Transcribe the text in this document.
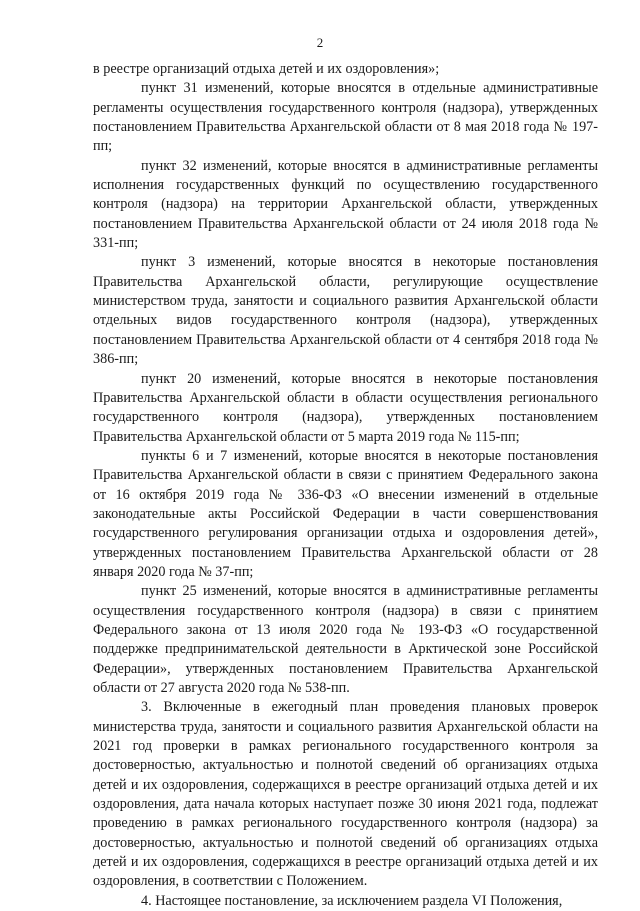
2

в реестре организаций отдыха детей и их оздоровления»;

пункт 31 изменений, которые вносятся в отдельные административные регламенты осуществления государственного контроля (надзора), утвержденных постановлением Правительства Архангельской области от 8 мая 2018 года № 197-пп;

пункт 32 изменений, которые вносятся в административные регламенты исполнения государственных функций по осуществлению государственного контроля (надзора) на территории Архангельской области, утвержденных постановлением Правительства Архангельской области от 24 июля 2018 года № 331-пп;

пункт 3 изменений, которые вносятся в некоторые постановления Правительства Архангельской области, регулирующие осуществление министерством труда, занятости и социального развития Архангельской области отдельных видов государственного контроля (надзора), утвержденных постановлением Правительства Архангельской области от 4 сентября 2018 года № 386-пп;

пункт 20 изменений, которые вносятся в некоторые постановления Правительства Архангельской области в области осуществления регионального государственного контроля (надзора), утвержденных постановлением Правительства Архангельской области от 5 марта 2019 года № 115-пп;

пункты 6 и 7 изменений, которые вносятся в некоторые постановления Правительства Архангельской области в связи с принятием Федерального закона от 16 октября 2019 года № 336-ФЗ «О внесении изменений в отдельные законодательные акты Российской Федерации в части совершенствования государственного регулирования организации отдыха и оздоровления детей», утвержденных постановлением Правительства Архангельской области от 28 января 2020 года № 37-пп;

пункт 25 изменений, которые вносятся в административные регламенты осуществления государственного контроля (надзора) в связи с принятием Федерального закона от 13 июля 2020 года № 193-ФЗ «О государственной поддержке предпринимательской деятельности в Арктической зоне Российской Федерации», утвержденных постановлением Правительства Архангельской области от 27 августа 2020 года № 538-пп.

3. Включенные в ежегодный план проведения плановых проверок министерства труда, занятости и социального развития Архангельской области на 2021 год проверки в рамках регионального государственного контроля за достоверностью, актуальностью и полнотой сведений об организациях отдыха детей и их оздоровления, содержащихся в реестре организаций отдыха детей и их оздоровления, дата начала которых наступает позже 30 июня 2021 года, подлежат проведению в рамках регионального государственного контроля (надзора) за достоверностью, актуальностью и полнотой сведений об организациях отдыха детей и их оздоровления, содержащихся в реестре организаций отдыха детей и их оздоровления, в соответствии с Положением.

4. Настоящее постановление, за исключением раздела VI Положения,
